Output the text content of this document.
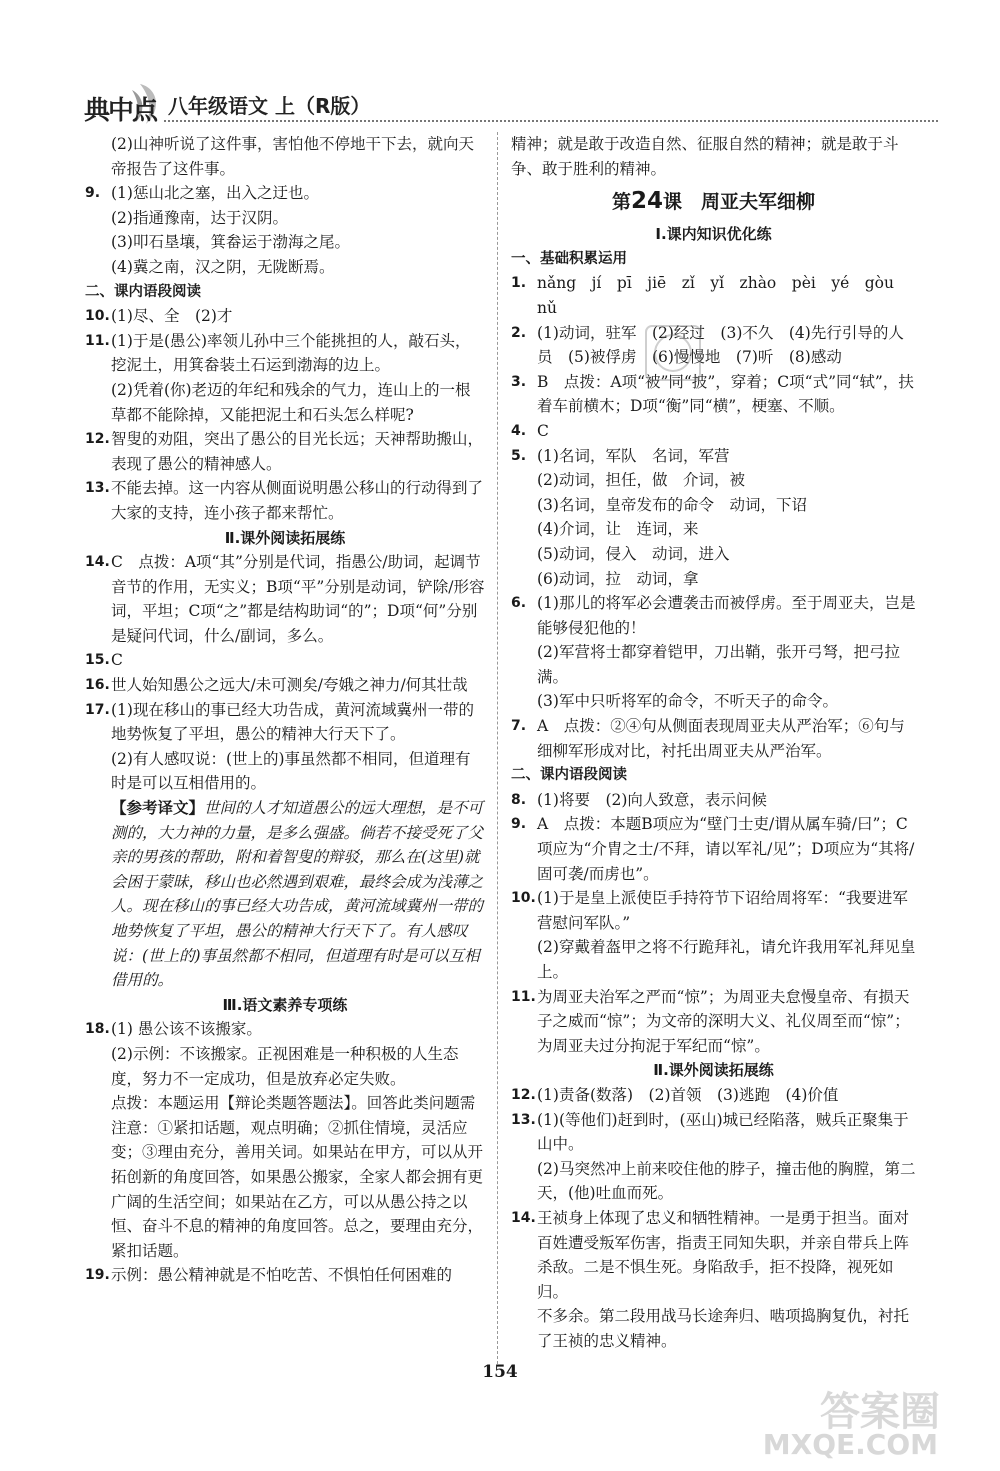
典中点 八年级语文 上（R版）
(2)山神听说了这件事，害怕他不停地干下去，就向天帝报告了这件事。
9. (1)惩山北之塞，出入之迂也。
(2)指通豫南，达于汉阴。
(3)叩石垦壤，箕畚运于渤海之尾。
(4)冀之南，汉之阴，无陇断焉。
二、课内语段阅读
10. (1)尽、全　(2)才
11. (1)于是(愚公)率领儿孙中三个能挑担的人，敲石头，挖泥土，用箕畚装土石运到渤海的边上。
(2)凭着(你)老迈的年纪和残余的气力，连山上的一根草都不能除掉，又能把泥土和石头怎么样呢?
12. 智叟的劝阻，突出了愚公的目光长远；天神帮助搬山，表现了愚公的精神感人。
13. 不能去掉。这一内容从侧面说明愚公移山的行动得到了大家的支持，连小孩子都来帮忙。
Ⅱ.课外阅读拓展练
14. C　点拨：A项“其”分别是代词，指愚公/助词，起调节音节的作用，无实义；B项“平”分别是动词，铲除/形容词，平坦；C项“之”都是结构助词“的”；D项“何”分别是疑问代词，什么/副词，多么。
15. C
16. 世人始知愚公之远大/未可测矣/夸娥之神力/何其壮哉
17. (1)现在移山的事已经大功告成，黄河流域冀州一带的地势恢复了平坦，愚公的精神大行天下了。
(2)有人感叹说：(世上的)事虽然都不相同，但道理有时是可以互相借用的。
【参考译文】世间的人才知道愚公的远大理想，是不可测的，大力神的力量，是多么强盛。倘若不接受死了父亲的男孩的帮助，附和着智叟的辩驳，那么在(这里)就会困于蒙昧，移山也必然遇到艰难，最终会成为浅薄之人。现在移山的事已经大功告成，黄河流域冀州一带的地势恢复了平坦，愚公的精神大行天下了。有人感叹说：(世上的)事虽然都不相同，但道理有时是可以互相借用的。
Ⅲ.语文素养专项练
18. (1) 愚公该不该搬家。
(2)示例：不该搬家。正视困难是一种积极的人生态度，努力不一定成功，但是放弃必定失败。
点拨：本题运用【辩论类题答题法】。回答此类问题需注意：①紧扣话题，观点明确；②抓住情境，灵活应变；③理由充分，善用关词。如果站在甲方，可以从开拓创新的角度回答，如果愚公搬家，全家人都会拥有更广阔的生活空间；如果站在乙方，可以从愚公持之以恒、奋斗不息的精神的角度回答。总之，要理由充分，紧扣话题。
19. 示例：愚公精神就是不怕吃苦、不惧怕任何困难的
精神；就是敢于改造自然、征服自然的精神；就是敢于斗争、敢于胜利的精神。
第24课　周亚夫军细柳
Ⅰ.课内知识优化练
一、基础积累运用
1. nǎng　jí　pī　jiē　zǐ　yǐ　zhào　pèi　yé　gòu　nǔ
2. (1)动词，驻军　(2)经过　(3)不久　(4)先行引导的人员　(5)被俘虏　(6)慢慢地　(7)听　(8)感动
3. B　点拨：A项“被”同“披”，穿着；C项“式”同“轼”，扶着车前横木；D项“衡”同“横”，梗塞、不顺。
4. C
5. (1)名词，军队　名词，军营
(2)动词，担任，做　介词，被
(3)名词，皇帝发布的命令　动词，下诏
(4)介词，让　连词，来
(5)动词，侵入　动词，进入
(6)动词，拉　动词，拿
6. (1)那儿的将军必会遭袭击而被俘虏。至于周亚夫，岂是能够侵犯他的！
(2)军营将士都穿着铠甲，刀出鞘，张开弓弩，把弓拉满。
(3)军中只听将军的命令，不听天子的命令。
7. A　点拨：②④句从侧面表现周亚夫从严治军；⑥句与细柳军形成对比，衬托出周亚夫从严治军。
二、课内语段阅读
8. (1)将要　(2)向人致意，表示问候
9. A　点拨：本题B项应为“壁门士吏/谓从属车骑/曰”；C项应为“介胄之士/不拜，请以军礼/见”；D项应为“其将/固可袭/而虏也”。
10. (1)于是皇上派使臣手持符节下诏给周将军：“我要进军营慰问军队。”
(2)穿戴着盔甲之将不行跪拜礼，请允许我用军礼拜见皇上。
11. 为周亚夫治军之严而“惊”；为周亚夫怠慢皇帝、有损天子之威而“惊”；为文帝的深明大义、礼仪周至而“惊”；为周亚夫过分拘泥于军纪而“惊”。
Ⅱ.课外阅读拓展练
12. (1)责备(数落)　(2)首领　(3)逃跑　(4)价值
13. (1)(等他们)赶到时，(巫山)城已经陷落，贼兵正聚集于山中。
(2)马突然冲上前来咬住他的脖子，撞击他的胸膛，第二天，(他)吐血而死。
14. 王祯身上体现了忠义和牺牲精神。一是勇于担当。面对百姓遭受叛军伤害，指责王同知失职，并亲自带兵上阵杀敌。二是不惧生死。身陷敌手，拒不投降，视死如归。
不多余。第二段用战马长途奔归、啮项捣胸复仇，衬托了王祯的忠义精神。
154
答案圈
MXQE.COM
